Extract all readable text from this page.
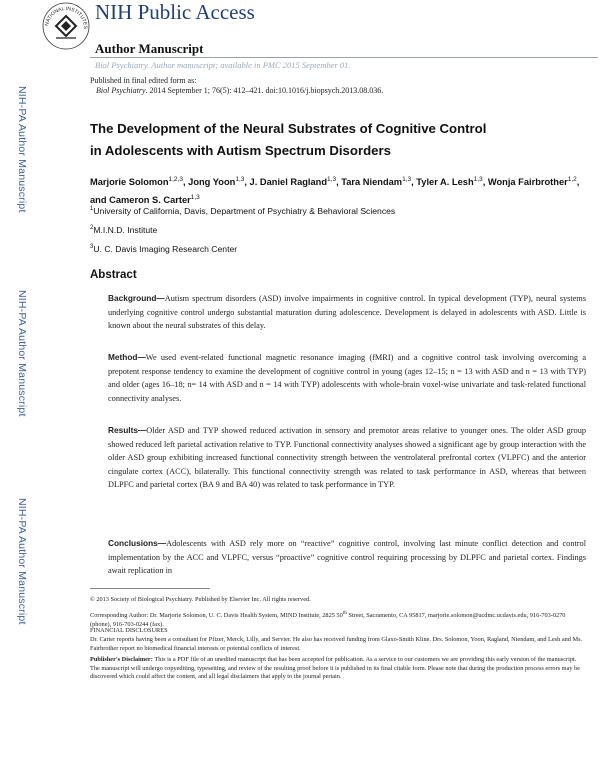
NATIONAL INSTITUTES
NIH Public Access
Author Manuscript
Biol Psychiatry. Author manuscript; available in PMC 2015 September 01.
Published in final edited form as:
Biol Psychiatry. 2014 September 1; 76(5): 412–421. doi:10.1016/j.biopsych.2013.08.036.
NIH-PA Author Manuscript
NIH-PA Author Manuscript
NIH-PA Author Manuscript
The Development of the Neural Substrates of Cognitive Control
in Adolescents with Autism Spectrum Disorders
Marjorie Solomon$^{1,2,3}$, Jong Yoon$^{1,3}$, J. Daniel Ragland$^{1,3}$, Tara Niendam$^{1,3}$, Tyler A. Lesh$^{1,3}$, Wonja Fairbrother$^{1,2}$, and Cameron S. Carter$^{1,3}$
$^1$University of California, Davis, Department of Psychiatry & Behavioral Sciences
$^2$M.I.N.D. Institute
$^3$U. C. Davis Imaging Research Center
Abstract
Background—Autism spectrum disorders (ASD) involve impairments in cognitive control. In typical development (TYP), neural systems underlying cognitive control undergo substantial maturation during adolescence. Development is delayed in adolescents with ASD. Little is known about the neural substrates of this delay.
Method—We used event-related functional magnetic resonance imaging (fMRI) and a cognitive control task involving overcoming a prepotent response tendency to examine the development of cognitive control in young (ages 12–15; n = 13 with ASD and n = 13 with TYP) and older (ages 16–18; n= 14 with ASD and n = 14 with TYP) adolescents with whole-brain voxel-wise univariate and task-related functional connectivity analyses.
Results—Older ASD and TYP showed reduced activation in sensory and premotor areas relative to younger ones. The older ASD group showed reduced left parietal activation relative to TYP. Functional connectivity analyses showed a significant age by group interaction with the older ASD group exhibiting increased functional connectivity strength between the ventrolateral prefrontal cortex (VLPFC) and the anterior cingulate cortex (ACC), bilaterally. This functional connectivity strength was related to task performance in ASD, whereas that between DLPFC and parietal cortex (BA 9 and BA 40) was related to task performance in TYP.
Conclusions—Adolescents with ASD rely more on “reactive” cognitive control, involving last minute conflict detection and control implementation by the ACC and VLPFC, versus “proactive” cognitive control requiring processing by DLPFC and parietal cortex. Findings await replication in
© 2013 Society of Biological Psychiatry. Published by Elsevier Inc. All rights reserved.
Corresponding Author: Dr. Marjorie Solomon, U. C. Davis Health System, MIND Institute, 2825 50th Street, Sacramento, CA 95817, marjorie.solomon@ucdmc.ucdavis.edu, 916-703-0270 (phone), 916-703-0244 (fax).
FINANCIAL DISCLOSURES
Dr. Carter reports having been a consultant for Pfizer, Merck, Lilly, and Servier. He also has received funding from Glaxo-Smith Kline. Drs. Solomon, Yoon, Ragland, Niendam, and Lesh and Ms. Fairbrother report no biomedical financial interests or potential conflicts of interest.
Publisher's Disclaimer: This is a PDF file of an unedited manuscript that has been accepted for publication. As a service to our customers we are providing this early version of the manuscript. The manuscript will undergo copyediting, typesetting, and review of the resulting proof before it is published in its final citable form. Please note that during the production process errors may be discovered which could affect the content, and all legal disclaimers that apply to the journal pertain.
